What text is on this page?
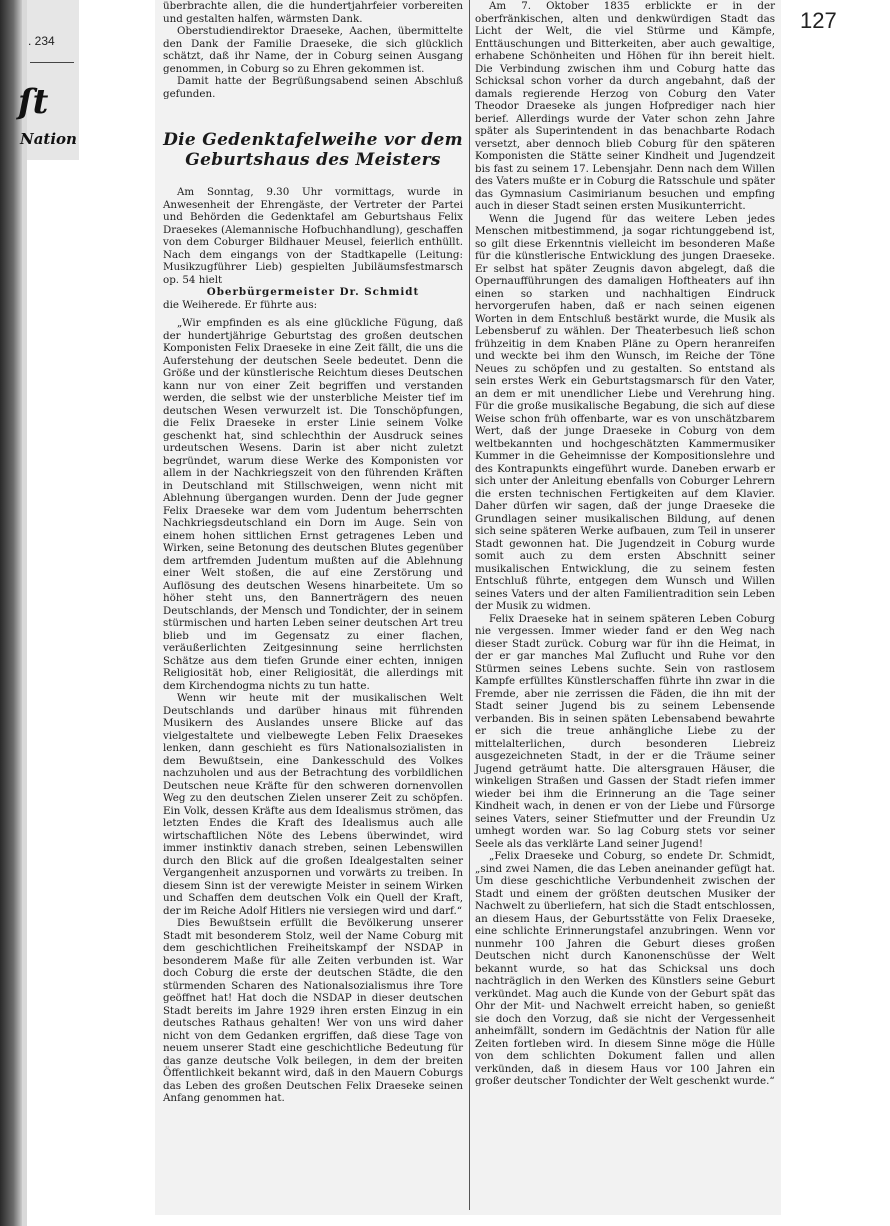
. 234
ſt
Nation
127

überbrachte allen, die die hundertjahrfeier vorbereiten und gestalten halfen, wärmsten Dank.

Oberstudiendirektor Draeseke, Aachen, übermittelte den Dank der Familie Draeseke, die sich glücklich schätzt, daß ihr Name, der in Coburg seinen Ausgang genommen, in Coburg so zu Ehren gekommen ist.

Damit hatte der Begrüßungsabend seinen Abschluß gefunden.

Die Gedenktafelweihe vor dem Geburtshaus des Meisters

Am Sonntag, 9.30 Uhr vormittags, wurde in Anwesenheit der Ehrengäste, der Vertreter der Partei und Behörden die Gedenktafel am Geburtshaus Felix Draesekes (Alemannische Hofbuchhandlung), geschaffen von dem Coburger Bildhauer Meusel, feierlich enthüllt. Nach dem eingangs von der Stadtkapelle (Leitung: Musikzugführer Lieb) gespielten Jubiläumsfestmarsch op. 54 hielt

Oberbürgermeister Dr. Schmidt

die Weiherede. Er führte aus:

„Wir empfinden es als eine glückliche Fügung, daß der hundertjährige Geburtstag des großen deutschen Komponisten Felix Draeseke in eine Zeit fällt, die uns die Auferstehung der deutschen Seele bedeutet. Denn die Größe und der künstlerische Reichtum dieses Deutschen kann nur von einer Zeit begriffen und verstanden werden, die selbst wie der unsterbliche Meister tief im deutschen Wesen verwurzelt ist. Die Tonschöpfungen, die Felix Draeseke in erster Linie seinem Volke geschenkt hat, sind schlechthin der Ausdruck seines urdeutschen Wesens. Darin ist aber nicht zuletzt begründet, warum diese Werke des Komponisten vor allem in der Nachkriegszeit von den führenden Kräften in Deutschland mit Stillschweigen, wenn nicht mit Ablehnung übergangen wurden. Denn der Jude gegner Felix Draeseke war dem vom Judentum beherrschten Nachkriegsdeutschland ein Dorn im Auge. Sein von einem hohen sittlichen Ernst getragenes Leben und Wirken, seine Betonung des deutschen Blutes gegenüber dem artfremden Judentum mußten auf die Ablehnung einer Welt stoßen, die auf eine Zerstörung und Auflösung des deutschen Wesens hinarbeitete. Um so höher steht uns, den Bannerträgern des neuen Deutschlands, der Mensch und Tondichter, der in seinem stürmischen und harten Leben seiner deutschen Art treu blieb und im Gegensatz zu einer flachen, veräußerlichten Zeitgesinnung seine herrlichsten Schätze aus dem tiefen Grunde einer echten, innigen Religiosität hob, einer Religiosität, die allerdings mit dem Kirchendogma nichts zu tun hatte.

Wenn wir heute mit der musikalischen Welt Deutschlands und darüber hinaus mit führenden Musikern des Auslandes unsere Blicke auf das vielgestaltete und vielbewegte Leben Felix Draesekes lenken, dann geschieht es fürs Nationalsozialisten in dem Bewußtsein, eine Dankesschuld des Volkes nachzuholen und aus der Betrachtung des vorbildlichen Deutschen neue Kräfte für den schweren dornenvollen Weg zu den deutschen Zielen unserer Zeit zu schöpfen. Ein Volk, dessen Kräfte aus dem Idealismus strömen, das letzten Endes die Kraft des Idealismus auch alle wirtschaftlichen Nöte des Lebens überwindet, wird immer instinktiv danach streben, seinen Lebenswillen durch den Blick auf die großen Idealgestalten seiner Vergangenheit anzuspornen und vorwärts zu treiben. In diesem Sinn ist der verewigte Meister in seinem Wirken und Schaffen dem deutschen Volk ein Quell der Kraft, der im Reiche Adolf Hitlers nie versiegen wird und darf.“

Dies Bewußtsein erfüllt die Bevölkerung unserer Stadt mit besonderem Stolz, weil der Name Coburg mit dem geschichtlichen Freiheitskampf der NSDAP in besonderem Maße für alle Zeiten verbunden ist. War doch Coburg die erste der deutschen Städte, die den stürmenden Scharen des Nationalsozialismus ihre Tore geöffnet hat! Hat doch die NSDAP in dieser deutschen Stadt bereits im Jahre 1929 ihren ersten Einzug in ein deutsches Rathaus gehalten! Wer von uns wird daher nicht von dem Gedanken ergriffen, daß diese Tage von neuem unserer Stadt eine geschichtliche Bedeutung für das ganze deutsche Volk beilegen, in dem der breiten Öffentlichkeit bekannt wird, daß in den Mauern Coburgs das Leben des großen Deutschen Felix Draeseke seinen Anfang genommen hat.

Am 7. Oktober 1835 erblickte er in der oberfränkischen, alten und denkwürdigen Stadt das Licht der Welt, die viel Stürme und Kämpfe, Enttäuschungen und Bitterkeiten, aber auch gewaltige, erhabene Schönheiten und Höhen für ihn bereit hielt. Die Verbindung zwischen ihm und Coburg hatte das Schicksal schon vorher da durch angebahnt, daß der damals regierende Herzog von Coburg den Vater Theodor Draeseke als jungen Hofprediger nach hier berief. Allerdings wurde der Vater schon zehn Jahre später als Superintendent in das benachbarte Rodach versetzt, aber dennoch blieb Coburg für den späteren Komponisten die Stätte seiner Kindheit und Jugendzeit bis fast zu seinem 17. Lebensjahr. Denn nach dem Willen des Vaters mußte er in Coburg die Ratsschule und später das Gymnasium Casimirianum besuchen und empfing auch in dieser Stadt seinen ersten Musikunterricht.

Wenn die Jugend für das weitere Leben jedes Menschen mitbestimmend, ja sogar richtunggebend ist, so gilt diese Erkenntnis vielleicht im besonderen Maße für die künstlerische Entwicklung des jungen Draeseke. Er selbst hat später Zeugnis davon abgelegt, daß die Opernaufführungen des damaligen Hoftheaters auf ihn einen so starken und nachhaltigen Eindruck hervorgerufen haben, daß er nach seinen eigenen Worten in dem Entschluß bestärkt wurde, die Musik als Lebensberuf zu wählen. Der Theaterbesuch ließ schon frühzeitig in dem Knaben Pläne zu Opern heranreifen und weckte bei ihm den Wunsch, im Reiche der Töne Neues zu schöpfen und zu gestalten. So entstand als sein erstes Werk ein Geburtstagsmarsch für den Vater, an dem er mit unendlicher Liebe und Verehrung hing. Für die große musikalische Begabung, die sich auf diese Weise schon früh offenbarte, war es von unschätzbarem Wert, daß der junge Draeseke in Coburg von dem weltbekannten und hochgeschätzten Kammermusiker Kummer in die Geheimnisse der Kompositionslehre und des Kontrapunkts eingeführt wurde. Daneben erwarb er sich unter der Anleitung ebenfalls von Coburger Lehrern die ersten technischen Fertigkeiten auf dem Klavier. Daher dürfen wir sagen, daß der junge Draeseke die Grundlagen seiner musikalischen Bildung, auf denen sich seine späteren Werke aufbauen, zum Teil in unserer Stadt gewonnen hat. Die Jugendzeit in Coburg wurde somit auch zu dem ersten Abschnitt seiner musikalischen Entwicklung, die zu seinem festen Entschluß führte, entgegen dem Wunsch und Willen seines Vaters und der alten Familientradition sein Leben der Musik zu widmen.

Felix Draeseke hat in seinem späteren Leben Coburg nie vergessen. Immer wieder fand er den Weg nach dieser Stadt zurück. Coburg war für ihn die Heimat, in der er gar manches Mal Zuflucht und Ruhe vor den Stürmen seines Lebens suchte. Sein von rastlosem Kampfe erfülltes Künstlerschaffen führte ihn zwar in die Fremde, aber nie zerrissen die Fäden, die ihn mit der Stadt seiner Jugend bis zu seinem Lebensende verbanden. Bis in seinen späten Lebensabend bewahrte er sich die treue anhängliche Liebe zu der mittelalterlichen, durch besonderen Liebreiz ausgezeichneten Stadt, in der er die Träume seiner Jugend geträumt hatte. Die altersgrauen Häuser, die winkeligen Straßen und Gassen der Stadt riefen immer wieder bei ihm die Erinnerung an die Tage seiner Kindheit wach, in denen er von der Liebe und Fürsorge seines Vaters, seiner Stiefmutter und der Freundin Uz umhegt worden war. So lag Coburg stets vor seiner Seele als das verklärte Land seiner Jugend!

„Felix Draeseke und Coburg, so endete Dr. Schmidt, „sind zwei Namen, die das Leben aneinander gefügt hat. Um diese geschichtliche Verbundenheit zwischen der Stadt und einem der größten deutschen Musiker der Nachwelt zu überliefern, hat sich die Stadt entschlossen, an diesem Haus, der Geburtsstätte von Felix Draeseke, eine schlichte Erinnerungstafel anzubringen. Wenn vor nunmehr 100 Jahren die Geburt dieses großen Deutschen nicht durch Kanonenschüsse der Welt bekannt wurde, so hat das Schicksal uns doch nachträglich in den Werken des Künstlers seine Geburt verkündet. Mag auch die Kunde von der Geburt spät das Ohr der Mit- und Nachwelt erreicht haben, so genießt sie doch den Vorzug, daß sie nicht der Vergessenheit anheimfällt, sondern im Gedächtnis der Nation für alle Zeiten fortleben wird. In diesem Sinne möge die Hülle von dem schlichten Dokument fallen und allen verkünden, daß in diesem Haus vor 100 Jahren ein großer deutscher Tondichter der Welt geschenkt wurde.“
